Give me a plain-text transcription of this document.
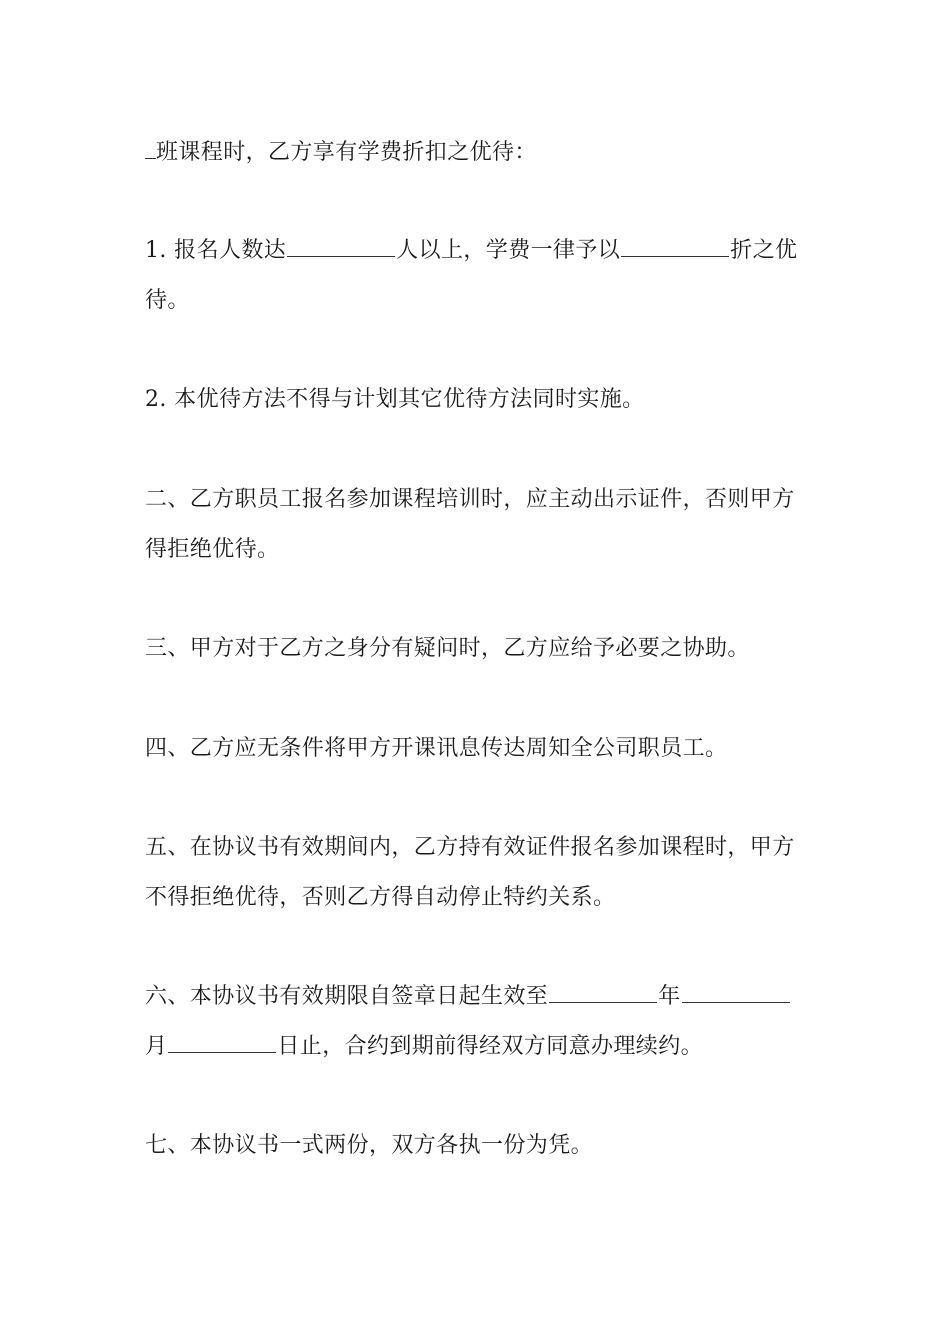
班课程时，乙方享有学费折扣之优待：
1. 报名人数达	人以上，学费一律予以	折之优
待。
2. 本优待方法不得与计划其它优待方法同时实施。
二、乙方职员工报名参加课程培训时，应主动出示证件，否则甲方
得拒绝优待。
三、甲方对于乙方之身分有疑问时，乙方应给予必要之协助。
四、乙方应无条件将甲方开课讯息传达周知全公司职员工。
五、在协议书有效期间内，乙方持有效证件报名参加课程时，甲方
不得拒绝优待，否则乙方得自动停止特约关系。
六、本协议书有效期限自签章日起生效至	年
月	日止，合约到期前得经双方同意办理续约。
七、本协议书一式两份，双方各执一份为凭。
